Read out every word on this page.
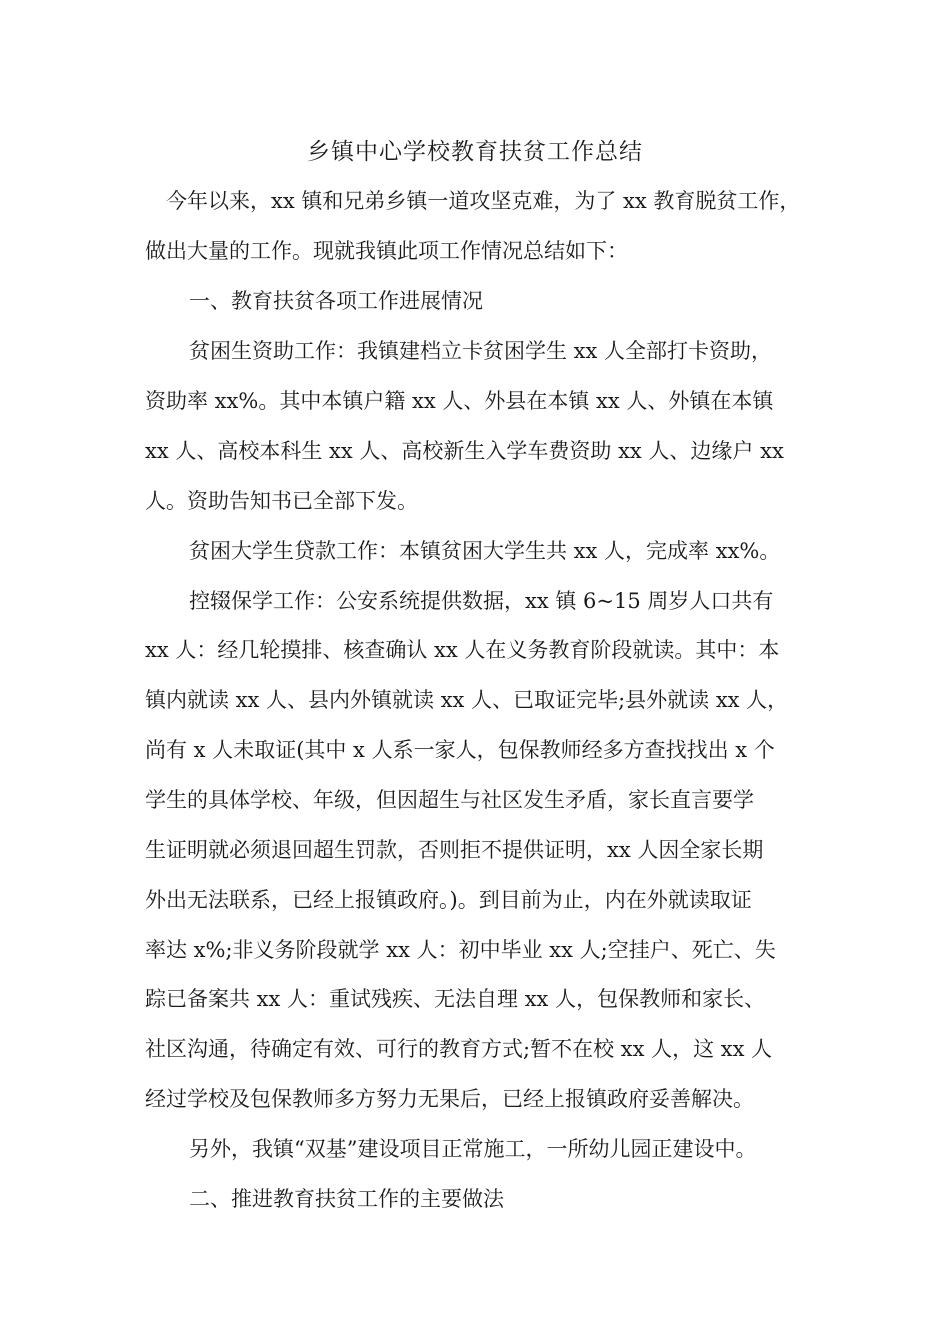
乡镇中心学校教育扶贫工作总结
今年以来，xx 镇和兄弟乡镇一道攻坚克难，为了 xx 教育脱贫工作，
做出大量的工作。现就我镇此项工作情况总结如下：
一、教育扶贫各项工作进展情况
贫困生资助工作：我镇建档立卡贫困学生 xx 人全部打卡资助，
资助率 xx%。其中本镇户籍 xx 人、外县在本镇 xx 人、外镇在本镇
xx 人、高校本科生 xx 人、高校新生入学车费资助 xx 人、边缘户 xx
人。资助告知书已全部下发。
贫困大学生贷款工作：本镇贫困大学生共 xx 人，完成率 xx%。
控辍保学工作：公安系统提供数据，xx 镇 6~15 周岁人口共有
xx 人：经几轮摸排、核查确认 xx 人在义务教育阶段就读。其中：本
镇内就读 xx 人、县内外镇就读 xx 人、已取证完毕;县外就读 xx 人，
尚有 x 人未取证(其中 x 人系一家人，包保教师经多方查找找出 x 个
学生的具体学校、年级，但因超生与社区发生矛盾，家长直言要学
生证明就必须退回超生罚款，否则拒不提供证明，xx 人因全家长期
外出无法联系，已经上报镇政府。)。到目前为止，内在外就读取证
率达 x%;非义务阶段就学 xx 人：初中毕业 xx 人;空挂户、死亡、失
踪已备案共 xx 人：重试残疾、无法自理 xx 人，包保教师和家长、
社区沟通，待确定有效、可行的教育方式;暂不在校 xx 人，这 xx 人
经过学校及包保教师多方努力无果后，已经上报镇政府妥善解决。
另外，我镇“双基”建设项目正常施工，一所幼儿园正建设中。
二、推进教育扶贫工作的主要做法
